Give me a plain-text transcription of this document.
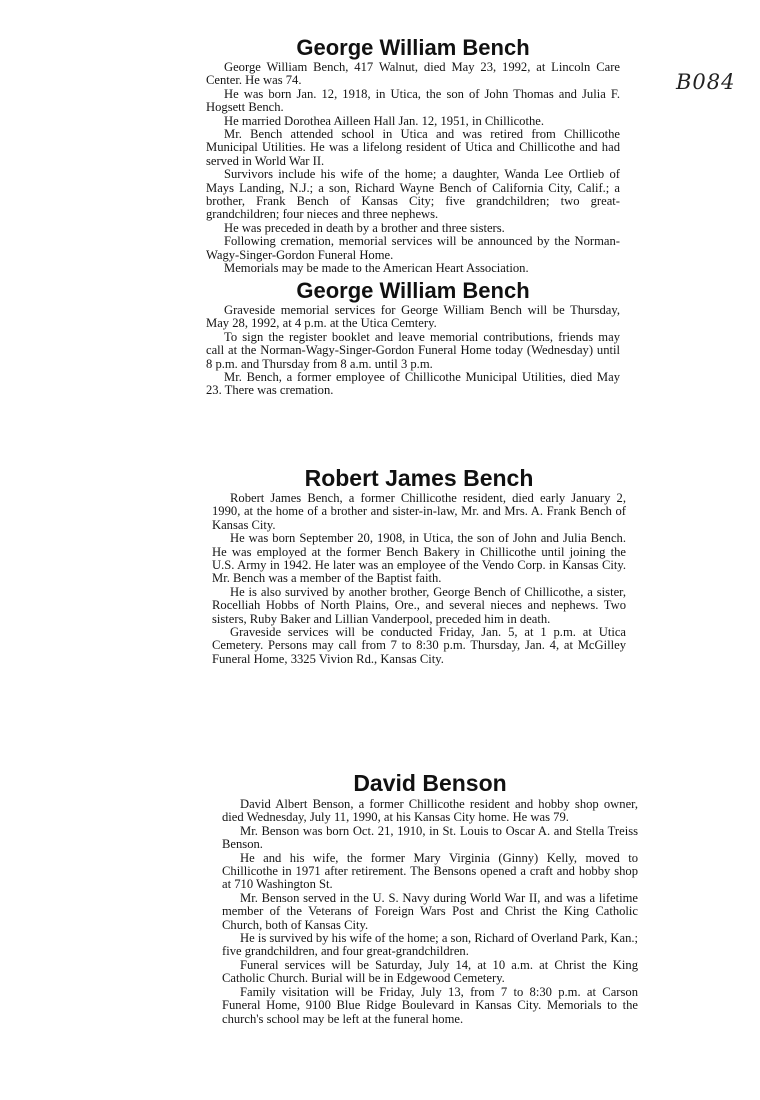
B084
George William Bench

George William Bench, 417 Walnut, died May 23, 1992, at Lincoln Care Center. He was 74.

He was born Jan. 12, 1918, in Utica, the son of John Thomas and Julia F. Hogsett Bench.

He married Dorothea Ailleen Hall Jan. 12, 1951, in Chillicothe.

Mr. Bench attended school in Utica and was retired from Chillicothe Municipal Utilities. He was a lifelong resident of Utica and Chillicothe and had served in World War II.

Survivors include his wife of the home; a daughter, Wanda Lee Ortlieb of Mays Landing, N.J.; a son, Richard Wayne Bench of California City, Calif.; a brother, Frank Bench of Kansas City; five grandchildren; two great-grandchildren; four nieces and three nephews.

He was preceded in death by a brother and three sisters.

Following cremation, memorial services will be announced by the Norman-Wagy-Singer-Gordon Funeral Home.

Memorials may be made to the American Heart Association.

George William Bench

Graveside memorial services for George William Bench will be Thursday, May 28, 1992, at 4 p.m. at the Utica Cemtery.

To sign the register booklet and leave memorial contributions, friends may call at the Norman-Wagy-Singer-Gordon Funeral Home today (Wednesday) until 8 p.m. and Thursday from 8 a.m. until 3 p.m.

Mr. Bench, a former employee of Chillicothe Municipal Utilities, died May 23. There was cremation.

Robert James Bench

Robert James Bench, a former Chillicothe resident, died early January 2, 1990, at the home of a brother and sister-in-law, Mr. and Mrs. A. Frank Bench of Kansas City.

He was born September 20, 1908, in Utica, the son of John and Julia Bench. He was employed at the former Bench Bakery in Chillicothe until joining the U.S. Army in 1942. He later was an employee of the Vendo Corp. in Kansas City. Mr. Bench was a member of the Baptist faith.

He is also survived by another brother, George Bench of Chillicothe, a sister, Rocelliah Hobbs of North Plains, Ore., and several nieces and nephews. Two sisters, Ruby Baker and Lillian Vanderpool, preceded him in death.

Graveside services will be conducted Friday, Jan. 5, at 1 p.m. at Utica Cemetery. Persons may call from 7 to 8:30 p.m. Thursday, Jan. 4, at McGilley Funeral Home, 3325 Vivion Rd., Kansas City.

David Benson

David Albert Benson, a former Chillicothe resident and hobby shop owner, died Wednesday, July 11, 1990, at his Kansas City home. He was 79.

Mr. Benson was born Oct. 21, 1910, in St. Louis to Oscar A. and Stella Treiss Benson.

He and his wife, the former Mary Virginia (Ginny) Kelly, moved to Chillicothe in 1971 after retirement. The Bensons opened a craft and hobby shop at 710 Washington St.

Mr. Benson served in the U. S. Navy during World War II, and was a lifetime member of the Veterans of Foreign Wars Post and Christ the King Catholic Church, both of Kansas City.

He is survived by his wife of the home; a son, Richard of Overland Park, Kan.; five grandchildren, and four great-grandchildren.

Funeral services will be Saturday, July 14, at 10 a.m. at Christ the King Catholic Church. Burial will be in Edgewood Cemetery.

Family visitation will be Friday, July 13, from 7 to 8:30 p.m. at Carson Funeral Home, 9100 Blue Ridge Boulevard in Kansas City. Memorials to the church's school may be left at the funeral home.
